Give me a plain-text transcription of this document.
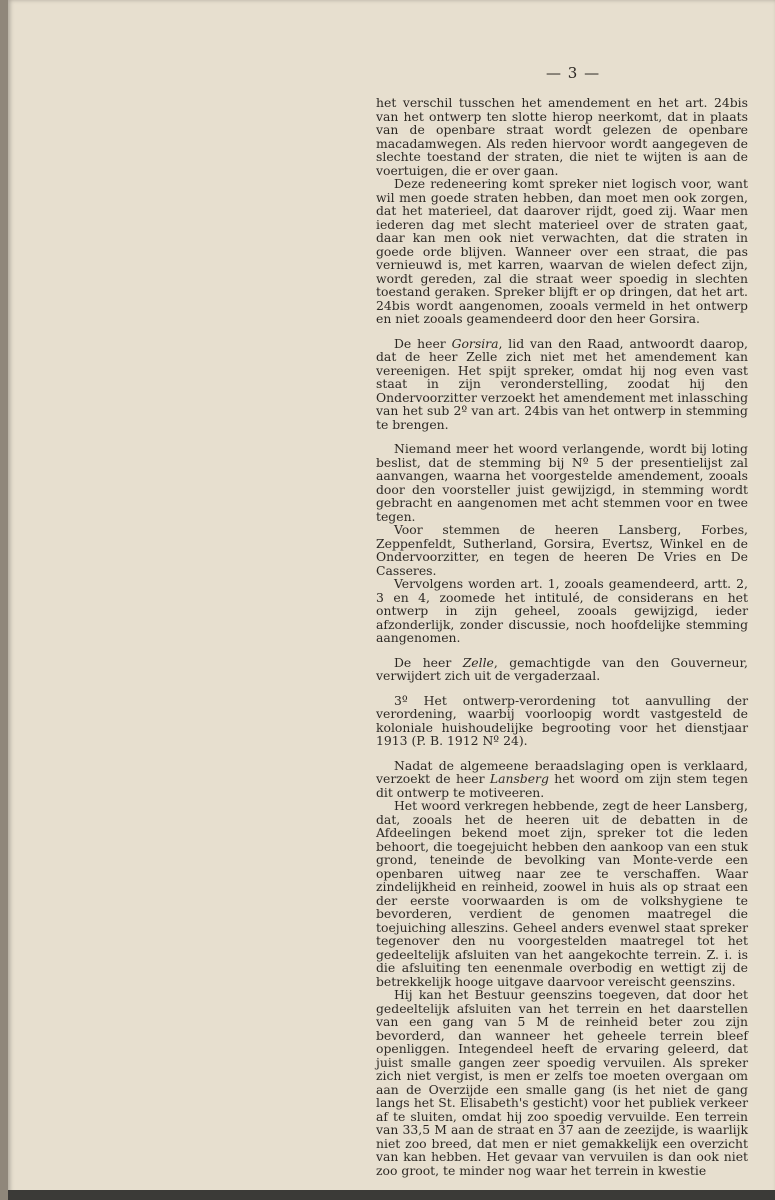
— 3 —

het verschil tusschen het amendement en het art. 24bis van het ontwerp ten slotte hierop neerkomt, dat in plaats van de openbare straat wordt gelezen de openbare macadamwegen. Als reden hiervoor wordt aangegeven de slechte toestand der straten, die niet te wijten is aan de voertuigen, die er over gaan.

Deze redeneering komt spreker niet logisch voor, want wil men goede straten hebben, dan moet men ook zorgen, dat het materieel, dat daarover rijdt, goed zij. Waar men iederen dag met slecht materieel over de straten gaat, daar kan men ook niet verwachten, dat die straten in goede orde blijven. Wanneer over een straat, die pas vernieuwd is, met karren, waarvan de wielen defect zijn, wordt gereden, zal die straat weer spoedig in slechten toestand geraken. Spreker blijft er op dringen, dat het art. 24bis wordt aangenomen, zooals vermeld in het ontwerp en niet zooals geamendeerd door den heer Gorsira.

De heer Gorsira, lid van den Raad, antwoordt daarop, dat de heer Zelle zich niet met het amendement kan vereenigen. Het spijt spreker, omdat hij nog even vast staat in zijn veronderstelling, zoodat hij den Ondervoorzitter verzoekt het amendement met inlassching van het sub 2º van art. 24bis van het ontwerp in stemming te brengen.

Niemand meer het woord verlangende, wordt bij loting beslist, dat de stemming bij Nº 5 der presentielijst zal aanvangen, waarna het voorgestelde amendement, zooals door den voorsteller juist gewijzigd, in stemming wordt gebracht en aangenomen met acht stemmen voor en twee tegen.

Voor stemmen de heeren Lansberg, Forbes, Zeppenfeldt, Sutherland, Gorsira, Evertsz, Winkel en de Ondervoorzitter, en tegen de heeren De Vries en De Casseres.

Vervolgens worden art. 1, zooals geamendeerd, artt. 2, 3 en 4, zoomede het intitulé, de considerans en het ontwerp in zijn geheel, zooals gewijzigd, ieder afzonderlijk, zonder discussie, noch hoofdelijke stemming aangenomen.

De heer Zelle, gemachtigde van den Gouverneur, verwijdert zich uit de vergaderzaal.

3º Het ontwerp-verordening tot aanvulling der verordening, waarbij voorloopig wordt vastgesteld de koloniale huishoudelijke begrooting voor het dienstjaar 1913 (P. B. 1912 Nº 24).

Nadat de algemeene beraadslaging open is verklaard, verzoekt de heer Lansberg het woord om zijn stem tegen dit ontwerp te motiveeren.

Het woord verkregen hebbende, zegt de heer Lansberg, dat, zooals het de heeren uit de debatten in de Afdeelingen bekend moet zijn, spreker tot die leden behoort, die toegejuicht hebben den aankoop van een stuk grond, teneinde de bevolking van Monte-verde een openbaren uitweg naar zee te verschaffen. Waar zindelijkheid en reinheid, zoowel in huis als op straat een der eerste voorwaarden is om de volkshygiene te bevorderen, verdient de genomen maatregel die toejuiching alleszins. Geheel anders evenwel staat spreker tegenover den nu voorgestelden maatregel tot het gedeeltelijk afsluiten van het aangekochte terrein. Z. i. is die afsluiting ten eenenmale overbodig en wettigt zij de betrekkelijk hooge uitgave daarvoor vereischt geenszins.

Hij kan het Bestuur geenszins toegeven, dat door het gedeeltelijk afsluiten van het terrein en het daarstellen van een gang van 5 M de reinheid beter zou zijn bevorderd, dan wanneer het geheele terrein bleef openliggen. Integendeel heeft de ervaring geleerd, dat juist smalle gangen zeer spoedig vervuilen. Als spreker zich niet vergist, is men er zelfs toe moeten overgaan om aan de Overzijde een smalle gang (is het niet de gang langs het St. Elisabeth's gesticht) voor het publiek verkeer af te sluiten, omdat hij zoo spoedig vervuilde. Een terrein van 33,5 M aan de straat en 37 aan de zeezijde, is waarlijk niet zoo breed, dat men er niet gemakkelijk een overzicht van kan hebben. Het gevaar van vervuilen is dan ook niet zoo groot, te minder nog waar het terrein in kwestie
